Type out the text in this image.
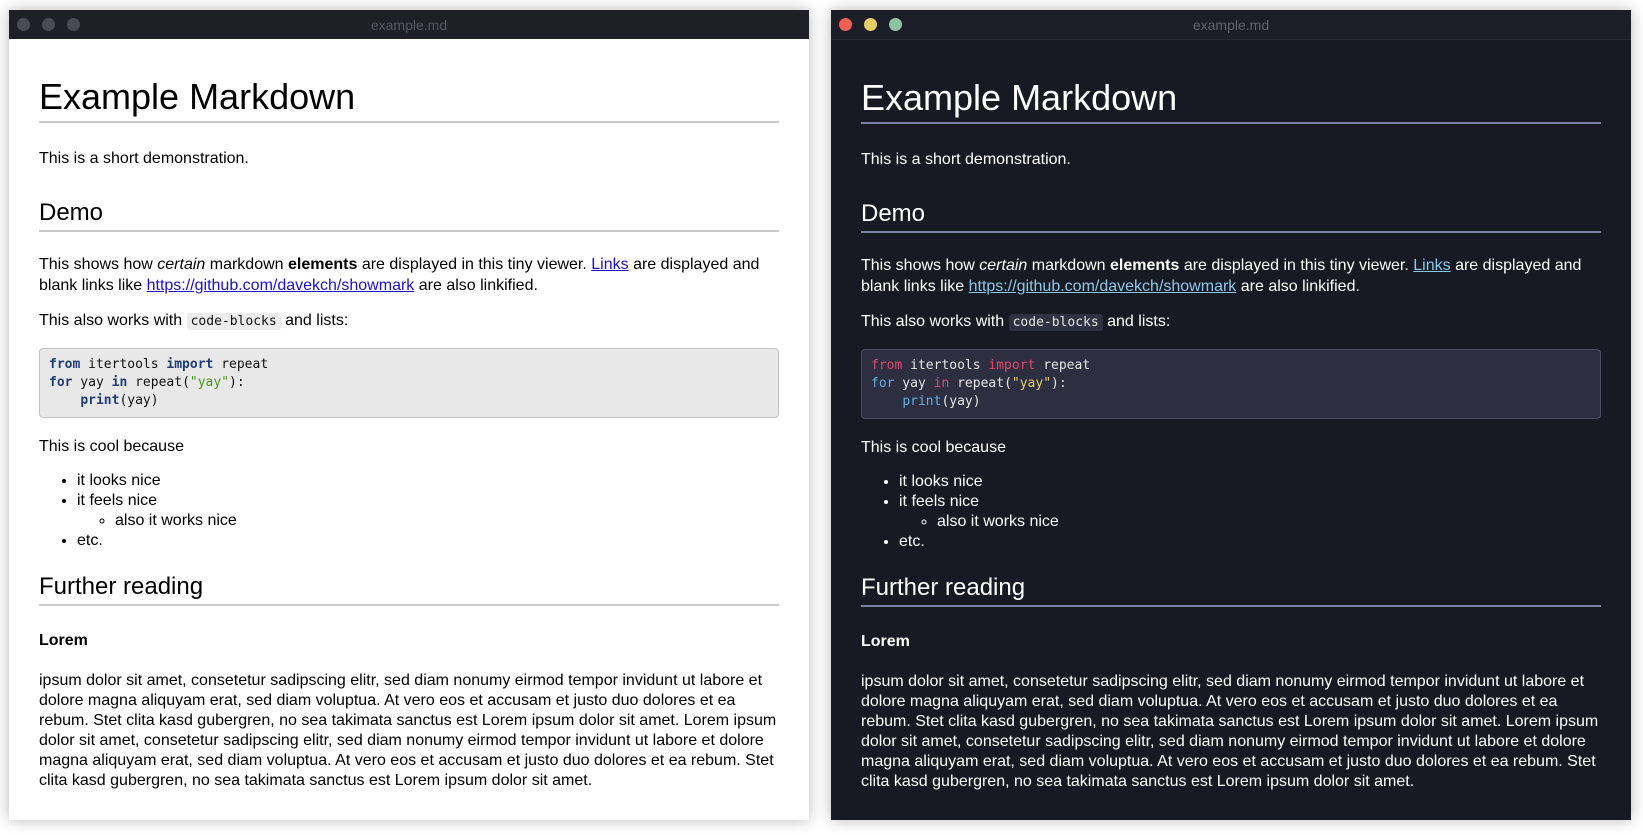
example.md
Example Markdown

This is a short demonstration.

Demo

This shows how certain markdown elements are displayed in this tiny viewer. Links are displayed and blank links like https://github.com/davekch/showmark are also linkified.

This also works with code-blocks and lists:

from itertools import repeat
for yay in repeat("yay"):
print(yay)

This is cool because

• it looks nice
• it feels nice
◦ also it works nice
• etc.
Further reading
Lorem

ipsum dolor sit amet, consetetur sadipscing elitr, sed diam nonumy eirmod tempor invidunt ut labore et dolore magna aliquyam erat, sed diam voluptua. At vero eos et accusam et justo duo dolores et ea rebum. Stet clita kasd gubergren, no sea takimata sanctus est Lorem ipsum dolor sit amet. Lorem ipsum dolor sit amet, consetetur sadipscing elitr, sed diam nonumy eirmod tempor invidunt ut labore et dolore magna aliquyam erat, sed diam voluptua. At vero eos et accusam et justo duo dolores et ea rebum. Stet clita kasd gubergren, no sea takimata sanctus est Lorem ipsum dolor sit amet.

example.md
Example Markdown

This is a short demonstration.

Demo

This shows how certain markdown elements are displayed in this tiny viewer. Links are displayed and blank links like https://github.com/davekch/showmark are also linkified.

This also works with code-blocks and lists:

from itertools import repeat
for yay in repeat("yay"):
print(yay)

This is cool because

• it looks nice
• it feels nice
◦ also it works nice
• etc.
Further reading
Lorem

ipsum dolor sit amet, consetetur sadipscing elitr, sed diam nonumy eirmod tempor invidunt ut labore et dolore magna aliquyam erat, sed diam voluptua. At vero eos et accusam et justo duo dolores et ea rebum. Stet clita kasd gubergren, no sea takimata sanctus est Lorem ipsum dolor sit amet. Lorem ipsum dolor sit amet, consetetur sadipscing elitr, sed diam nonumy eirmod tempor invidunt ut labore et dolore magna aliquyam erat, sed diam voluptua. At vero eos et accusam et justo duo dolores et ea rebum. Stet clita kasd gubergren, no sea takimata sanctus est Lorem ipsum dolor sit amet.
